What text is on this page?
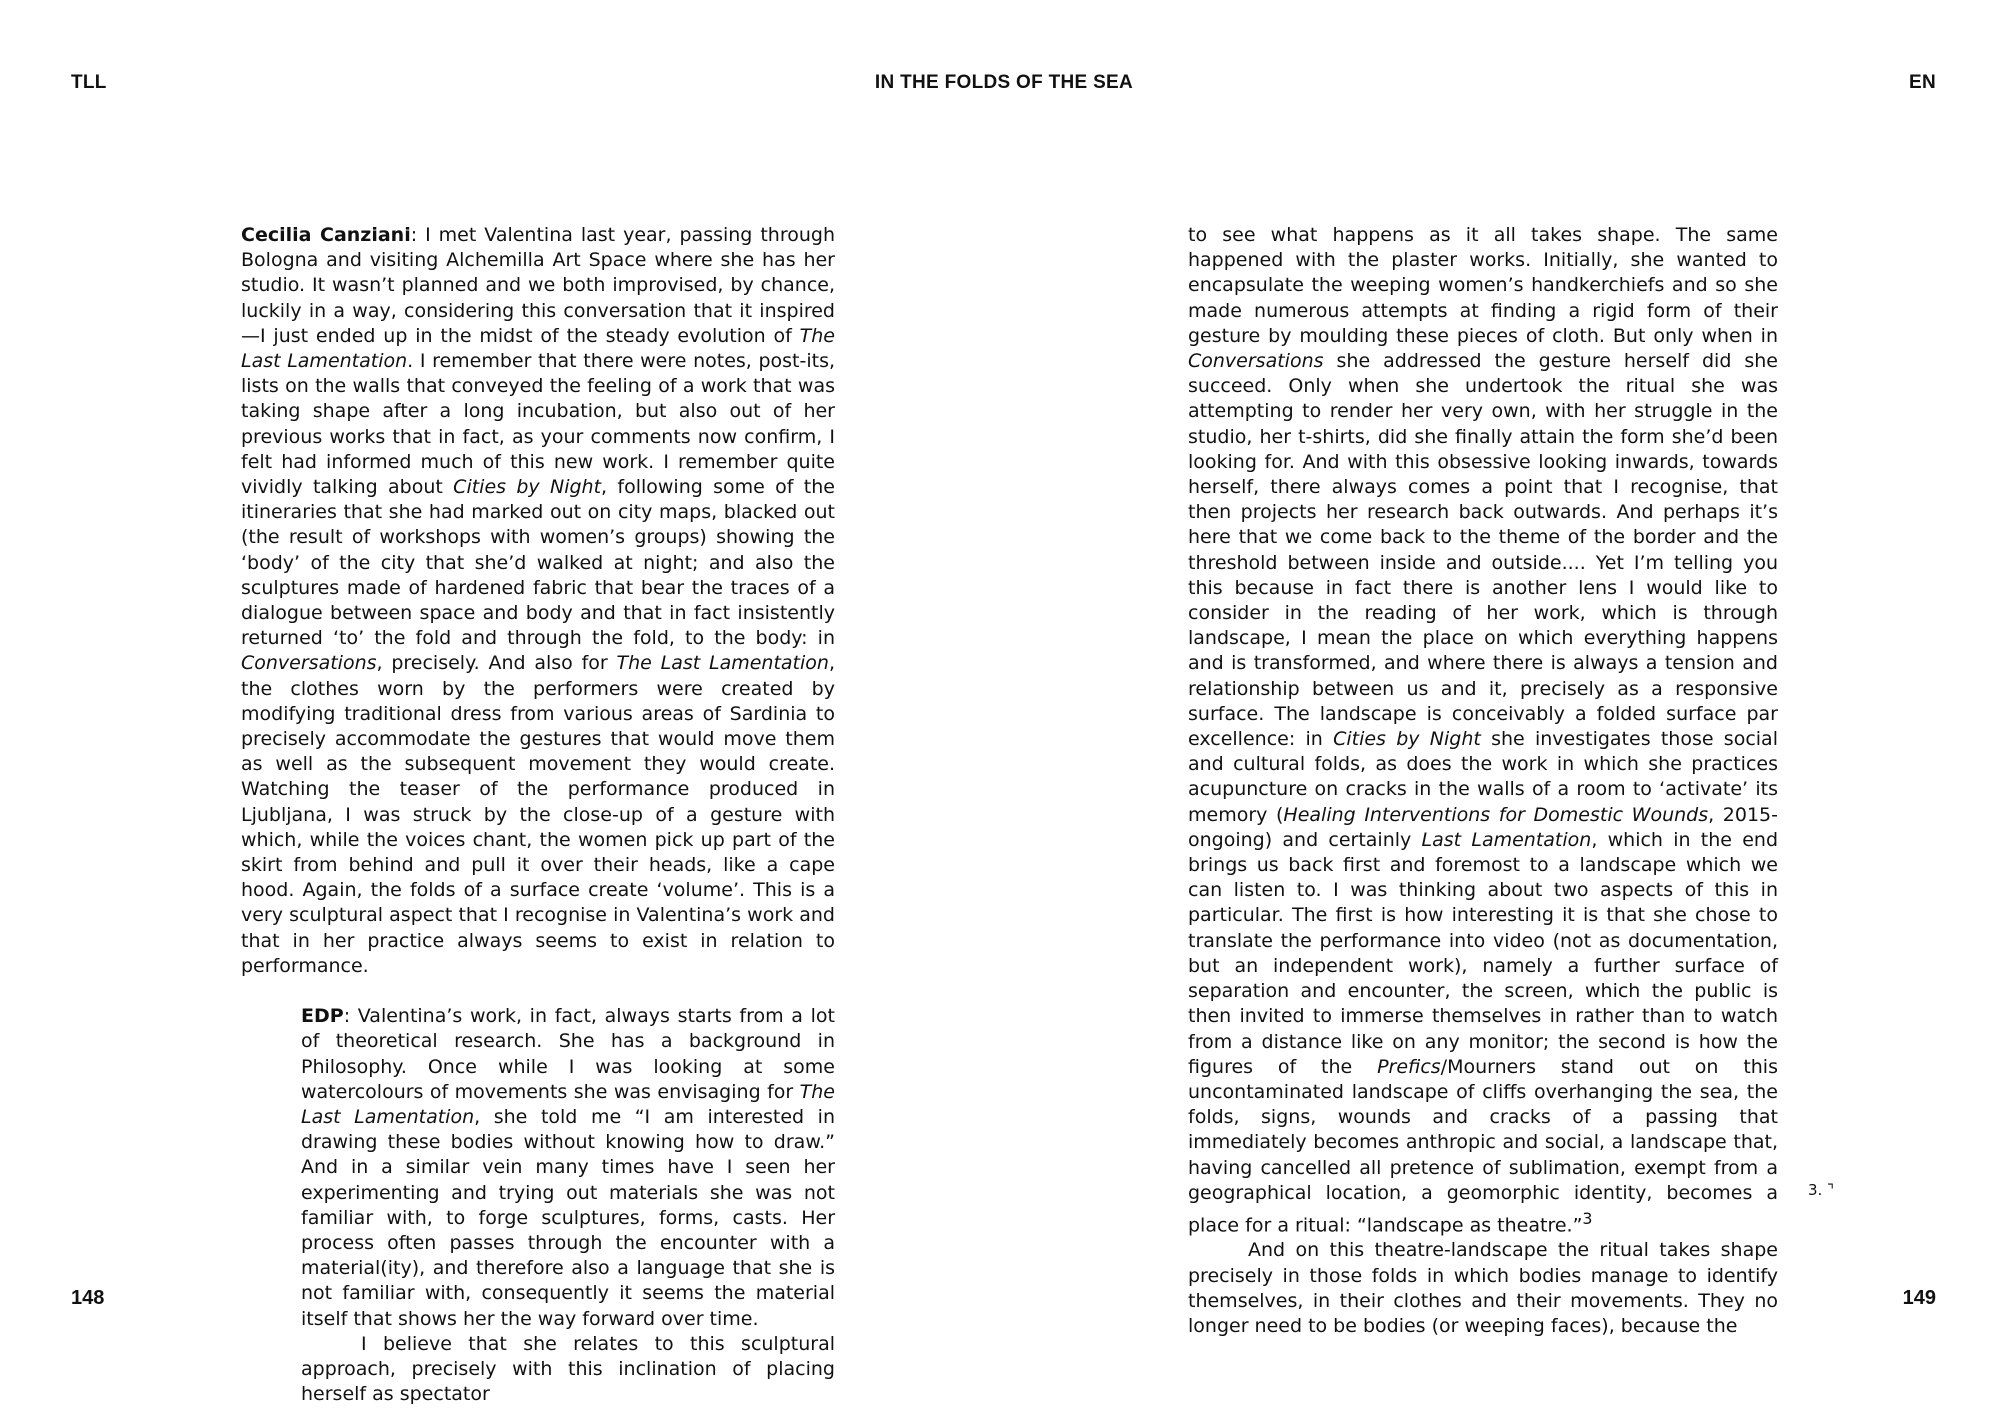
TLL	IN THE FOLDS OF THE SEA	EN

Cecilia Canziani: I met Valentina last year, passing through Bologna and visiting Alchemilla Art Space where she has her studio. It wasn’t planned and we both improvised, by chance, luckily in a way, considering this conversation that it inspired—I just ended up in the midst of the steady evolution of The Last Lamentation. I remember that there were notes, post-its, lists on the walls that conveyed the feeling of a work that was taking shape after a long incubation, but also out of her previous works that in fact, as your comments now confirm, I felt had informed much of this new work. I remember quite vividly talking about Cities by Night, following some of the itineraries that she had marked out on city maps, blacked out (the result of workshops with women’s groups) showing the ‘body’ of the city that she’d walked at night; and also the sculptures made of hardened fabric that bear the traces of a dialogue between space and body and that in fact insistently returned ‘to’ the fold and through the fold, to the body: in Conversations, precisely. And also for The Last Lamentation, the clothes worn by the performers were created by modifying traditional dress from various areas of Sardinia to precisely accommodate the gestures that would move them as well as the subsequent movement they would create. Watching the teaser of the performance produced in Ljubljana, I was struck by the close-up of a gesture with which, while the voices chant, the women pick up part of the skirt from behind and pull it over their heads, like a cape hood. Again, the folds of a surface create ‘volume’. This is a very sculptural aspect that I recognise in Valentina’s work and that in her practice always seems to exist in relation to performance.

EDP: Valentina’s work, in fact, always starts from a lot of theoretical research. She has a background in Philosophy. Once while I was looking at some watercolours of movements she was envisaging for The Last Lamentation, she told me “I am interested in drawing these bodies without knowing how to draw.” And in a similar vein many times have I seen her experimenting and trying out materials she was not familiar with, to forge sculptures, forms, casts. Her process often passes through the encounter with a material(ity), and therefore also a language that she is not familiar with, consequently it seems the material itself that shows her the way forward over time.

I believe that she relates to this sculptural approach, precisely with this inclination of placing herself as spectator

to see what happens as it all takes shape. The same happened with the plaster works. Initially, she wanted to encapsulate the weeping women’s handkerchiefs and so she made numerous attempts at finding a rigid form of their gesture by moulding these pieces of cloth. But only when in Conversations she addressed the gesture herself did she succeed. Only when she undertook the ritual she was attempting to render her very own, with her struggle in the studio, her t-shirts, did she finally attain the form she’d been looking for. And with this obsessive looking inwards, towards herself, there always comes a point that I recognise, that then projects her research back outwards. And perhaps it’s here that we come back to the theme of the border and the threshold between inside and outside.... Yet I’m telling you this because in fact there is another lens I would like to consider in the reading of her work, which is through landscape, I mean the place on which everything happens and is transformed, and where there is always a tension and relationship between us and it, precisely as a responsive surface. The landscape is conceivably a folded surface par excellence: in Cities by Night she investigates those social and cultural folds, as does the work in which she practices acupuncture on cracks in the walls of a room to ‘activate’ its memory (Healing Interventions for Domestic Wounds, 2015-ongoing) and certainly Last Lamentation, which in the end brings us back first and foremost to a landscape which we can listen to. I was thinking about two aspects of this in particular. The first is how interesting it is that she chose to translate the performance into video (not as documentation, but an independent work), namely a further surface of separation and encounter, the screen, which the public is then invited to immerse themselves in rather than to watch from a distance like on any monitor; the second is how the figures of the Prefics/Mourners stand out on this uncontaminated landscape of cliffs overhanging the sea, the folds, signs, wounds and cracks of a passing that immediately becomes anthropic and social, a landscape that, having cancelled all pretence of sublimation, exempt from a geographical location, a geomorphic identity, becomes a place for a ritual: “landscape as theatre.”$^3$

And on this theatre-landscape the ritual takes shape precisely in those folds in which bodies manage to identify themselves, in their clothes and their movements. They no longer need to be bodies (or weeping faces), because the

3. ⌝
148	149
